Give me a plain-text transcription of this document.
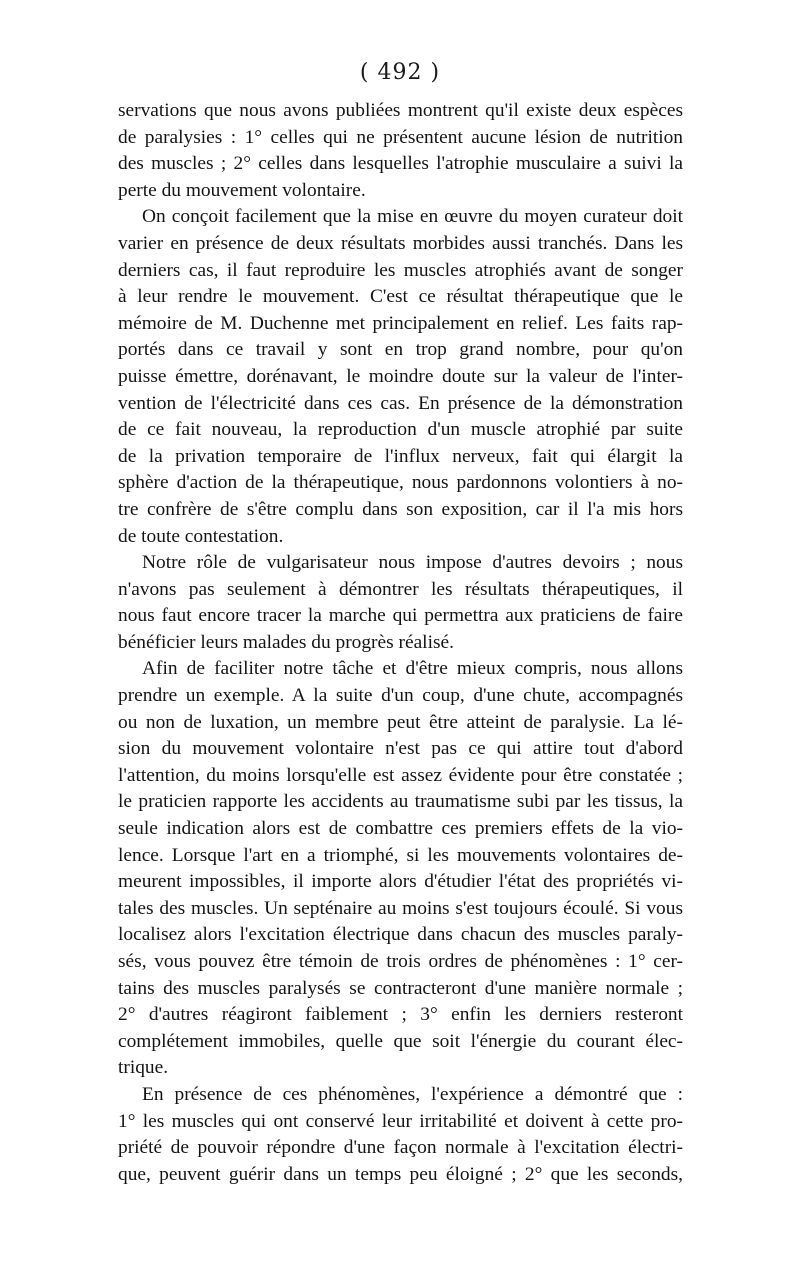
( 492 )
servations que nous avons publiées montrent qu'il existe deux espèces
de paralysies : 1° celles qui ne présentent aucune lésion de nutrition
des muscles ; 2° celles dans lesquelles l'atrophie musculaire a suivi la
perte du mouvement volontaire.
On conçoit facilement que la mise en œuvre du moyen curateur doit
varier en présence de deux résultats morbides aussi tranchés. Dans les
derniers cas, il faut reproduire les muscles atrophiés avant de songer
à leur rendre le mouvement. C'est ce résultat thérapeutique que le
mémoire de M. Duchenne met principalement en relief. Les faits rap-
portés dans ce travail y sont en trop grand nombre, pour qu'on
puisse émettre, dorénavant, le moindre doute sur la valeur de l'inter-
vention de l'électricité dans ces cas. En présence de la démonstration
de ce fait nouveau, la reproduction d'un muscle atrophié par suite
de la privation temporaire de l'influx nerveux, fait qui élargit la
sphère d'action de la thérapeutique, nous pardonnons volontiers à no-
tre confrère de s'être complu dans son exposition, car il l'a mis hors
de toute contestation.
Notre rôle de vulgarisateur nous impose d'autres devoirs ; nous
n'avons pas seulement à démontrer les résultats thérapeutiques, il
nous faut encore tracer la marche qui permettra aux praticiens de faire
bénéficier leurs malades du progrès réalisé.
Afin de faciliter notre tâche et d'être mieux compris, nous allons
prendre un exemple. A la suite d'un coup, d'une chute, accompagnés
ou non de luxation, un membre peut être atteint de paralysie. La lé-
sion du mouvement volontaire n'est pas ce qui attire tout d'abord
l'attention, du moins lorsqu'elle est assez évidente pour être constatée ;
le praticien rapporte les accidents au traumatisme subi par les tissus, la
seule indication alors est de combattre ces premiers effets de la vio-
lence. Lorsque l'art en a triomphé, si les mouvements volontaires de-
meurent impossibles, il importe alors d'étudier l'état des propriétés vi-
tales des muscles. Un septénaire au moins s'est toujours écoulé. Si vous
localisez alors l'excitation électrique dans chacun des muscles paraly-
sés, vous pouvez être témoin de trois ordres de phénomènes : 1° cer-
tains des muscles paralysés se contracteront d'une manière normale ;
2° d'autres réagiront faiblement ; 3° enfin les derniers resteront
complétement immobiles, quelle que soit l'énergie du courant élec-
trique.
En présence de ces phénomènes, l'expérience a démontré que :
1° les muscles qui ont conservé leur irritabilité et doivent à cette pro-
priété de pouvoir répondre d'une façon normale à l'excitation électri-
que, peuvent guérir dans un temps peu éloigné ; 2° que les seconds,
